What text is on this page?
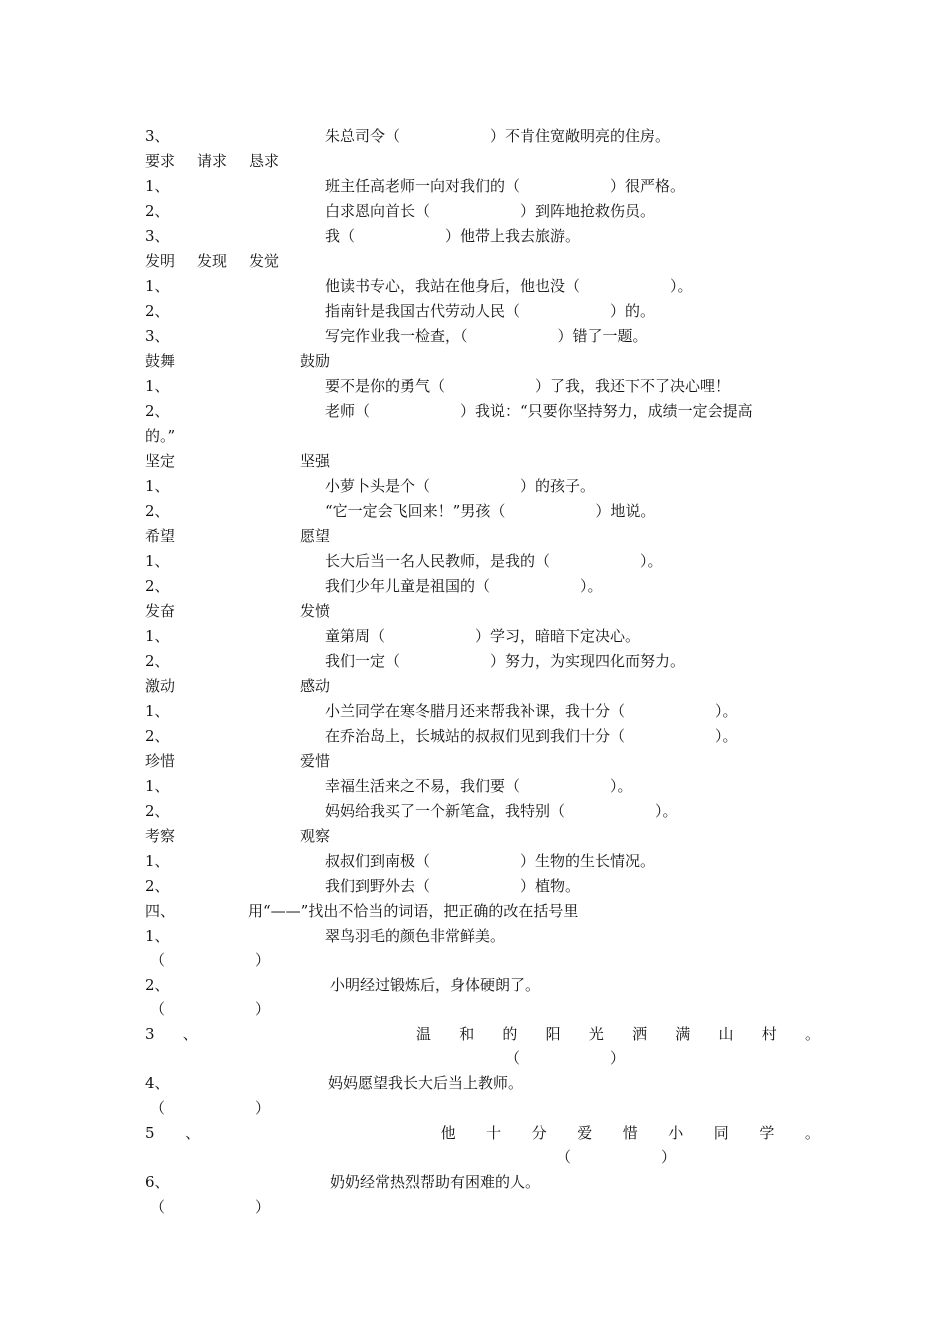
3、	朱总司令（　　　　　　）不肯住宽敞明亮的住房。
要求 请求 恳求
1、	班主任高老师一向对我们的（　　　　　　）很严格。
2、	白求恩向首长（　　　　　　）到阵地抢救伤员。
3、	我（　　　　　　）他带上我去旅游。
发明 发现 发觉
1、	他读书专心，我站在他身后，他也没（　　　　　　）。
2、	指南针是我国古代劳动人民（　　　　　　）的。
3、	写完作业我一检查，（　　　　　　）错了一题。
鼓舞	鼓励
1、	要不是你的勇气（　　　　　　）了我，我还下不了决心哩！
2、	老师（　　　　　　）我说：“只要你坚持努力，成绩一定会提高
的。”
坚定	坚强
1、	小萝卜头是个（　　　　　　）的孩子。
2、	“它一定会飞回来！”男孩（　　　　　　）地说。
希望	愿望
1、	长大后当一名人民教师，是我的（　　　　　　）。
2、	我们少年儿童是祖国的（　　　　　　）。
发奋	发愤
1、	童第周（　　　　　　）学习，暗暗下定决心。
2、	我们一定（　　　　　　）努力，为实现四化而努力。
激动	感动
1、	小兰同学在寒冬腊月还来帮我补课，我十分（　　　　　　）。
2、	在乔治岛上，长城站的叔叔们见到我们十分（　　　　　　）。
珍惜	爱惜
1、	幸福生活来之不易，我们要（　　　　　　）。
2、	妈妈给我买了一个新笔盒，我特别（　　　　　　）。
考察	观察
1、	叔叔们到南极（　　　　　　）生物的生长情况。
2、	我们到野外去（　　　　　　）植物。
四、	用“——”找出不恰当的词语，把正确的改在括号里
1、	翠鸟羽毛的颜色非常鲜美。
（　　　　　　）
2、	小明经过锻炼后，身体硬朗了。
（　　　　　　）
3 、	温 和 的 阳 光 洒 满 山 村 。
（　　　　　　）
4、	妈妈愿望我长大后当上教师。
（　　　　　　）
5 、	他 十 分 爱 惜 小 同 学 。
（　　　　　　）
6、	奶奶经常热烈帮助有困难的人。
（　　　　　　）
